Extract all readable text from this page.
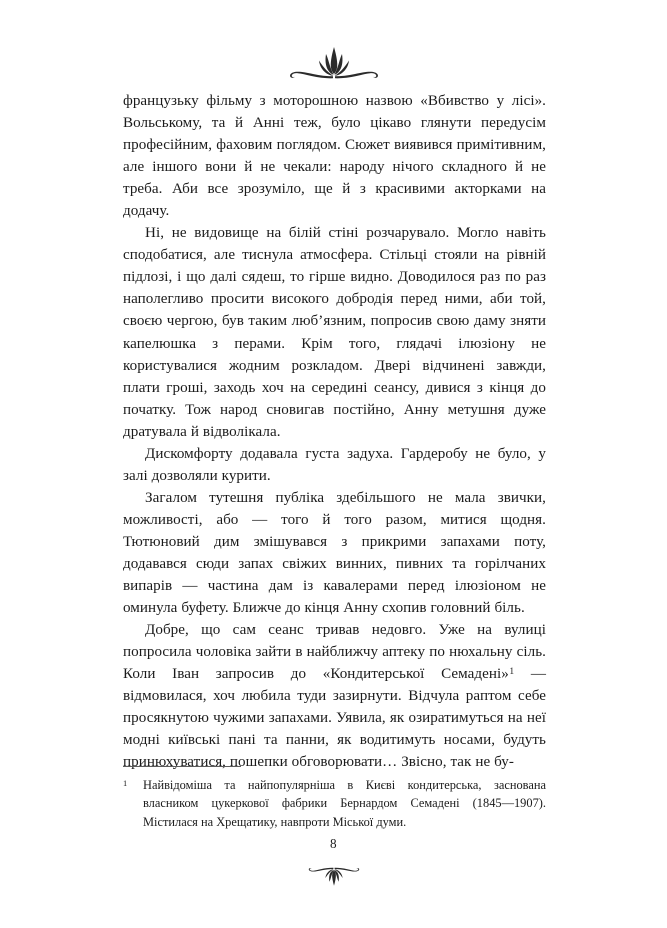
французьку фільму з моторошною назвою «Вбивство у лісі». Вольському, та й Анні теж, було цікаво глянути передусім професійним, фаховим поглядом. Сюжет виявився примітивним, але іншого вони й не чекали: народу нічого складного й не треба. Аби все зрозуміло, ще й з красивими акторками на додачу.

Ні, не видовище на білій стіні розчарувало. Могло навіть сподобатися, але тиснула атмосфера. Стільці стояли на рівній підлозі, і що далі сядеш, то гірше видно. Доводилося раз по раз наполегливо просити високого добродія перед ними, аби той, своєю чергою, був таким люб’язним, попросив свою даму зняти капелюшка з перами. Крім того, глядачі ілюзіону не користувалися жодним розкладом. Двері відчинені завжди, плати гроші, заходь хоч на середині сеансу, дивися з кінця до початку. Тож народ сновигав постійно, Анну метушня дуже дратувала й відволікала.

Дискомфорту додавала густа задуха. Гардеробу не було, у залі дозволяли курити.

Загалом тутешня публіка здебільшого не мала звички, можливості, або — того й того разом, митися щодня. Тютюновий дим змішувався з прикрими запахами поту, додавався сюди запах свіжих винних, пивних та горілчаних випарів — частина дам із кавалерами перед ілюзіоном не оминула буфету. Ближче до кінця Анну схопив головний біль.

Добре, що сам сеанс тривав недовго. Уже на вулиці попросила чоловіка зайти в найближчу аптеку по нюхальну сіль. Коли Іван запросив до «Кондитерської Семадені»$^1$ — відмовилася, хоч любила туди зазирнути. Відчула раптом себе просякнутою чужими запахами. Уявила, як озиратимуться на неї модні київські пані та панни, як водитимуть носами, будуть принюхуватися, пошепки обговорювати… Звісно, так не бу-

1	Найвідоміша та найпопулярніша в Києві кондитерська, заснована власником цукеркової фабрики Бернардом Семадені (1845—1907). Містилася на Хрещатику, навпроти Міської думи.
8
